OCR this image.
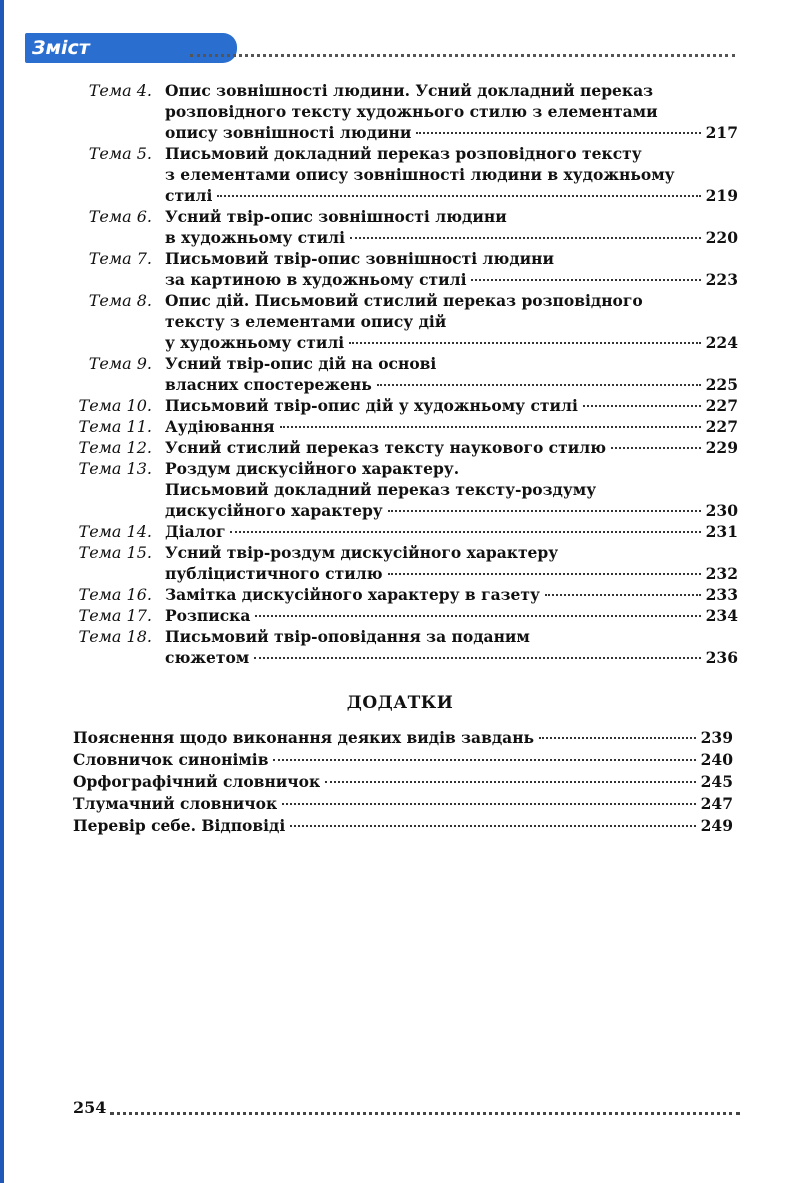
Зміст
Тема 4. Опис зовнішності людини. Усний докладний переказ
розповідного тексту художнього стилю з елементами
опису зовнішності людини	217
Тема 5. Письмовий докладний переказ розповідного тексту
з елементами опису зовнішності людини в художньому
стилі	219
Тема 6. Усний твір-опис зовнішності людини
в художньому стилі	220
Тема 7. Письмовий твір-опис зовнішності людини
за картиною в художньому стилі	223
Тема 8. Опис дій. Письмовий стислий переказ розповідного
тексту з елементами опису дій
у художньому стилі	224
Тема 9. Усний твір-опис дій на основі
власних спостережень	225
Тема 10. Письмовий твір-опис дій у художньому стилі	227
Тема 11. Аудіювання	227
Тема 12. Усний стислий переказ тексту наукового стилю	229
Тема 13. Роздум дискусійного характеру.
Письмовий докладний переказ тексту-роздуму
дискусійного характеру	230
Тема 14. Діалог	231
Тема 15. Усний твір-роздум дискусійного характеру
публіцистичного стилю	232
Тема 16. Замітка дискусійного характеру в газету	233
Тема 17. Розписка	234
Тема 18. Письмовий твір-оповідання за поданим
сюжетом	236
ДОДАТКИ
Пояснення щодо виконання деяких видів завдань	239
Словничок синонімів	240
Орфографічний словничок	245
Тлумачний словничок	247
Перевір себе. Відповіді	249
254
